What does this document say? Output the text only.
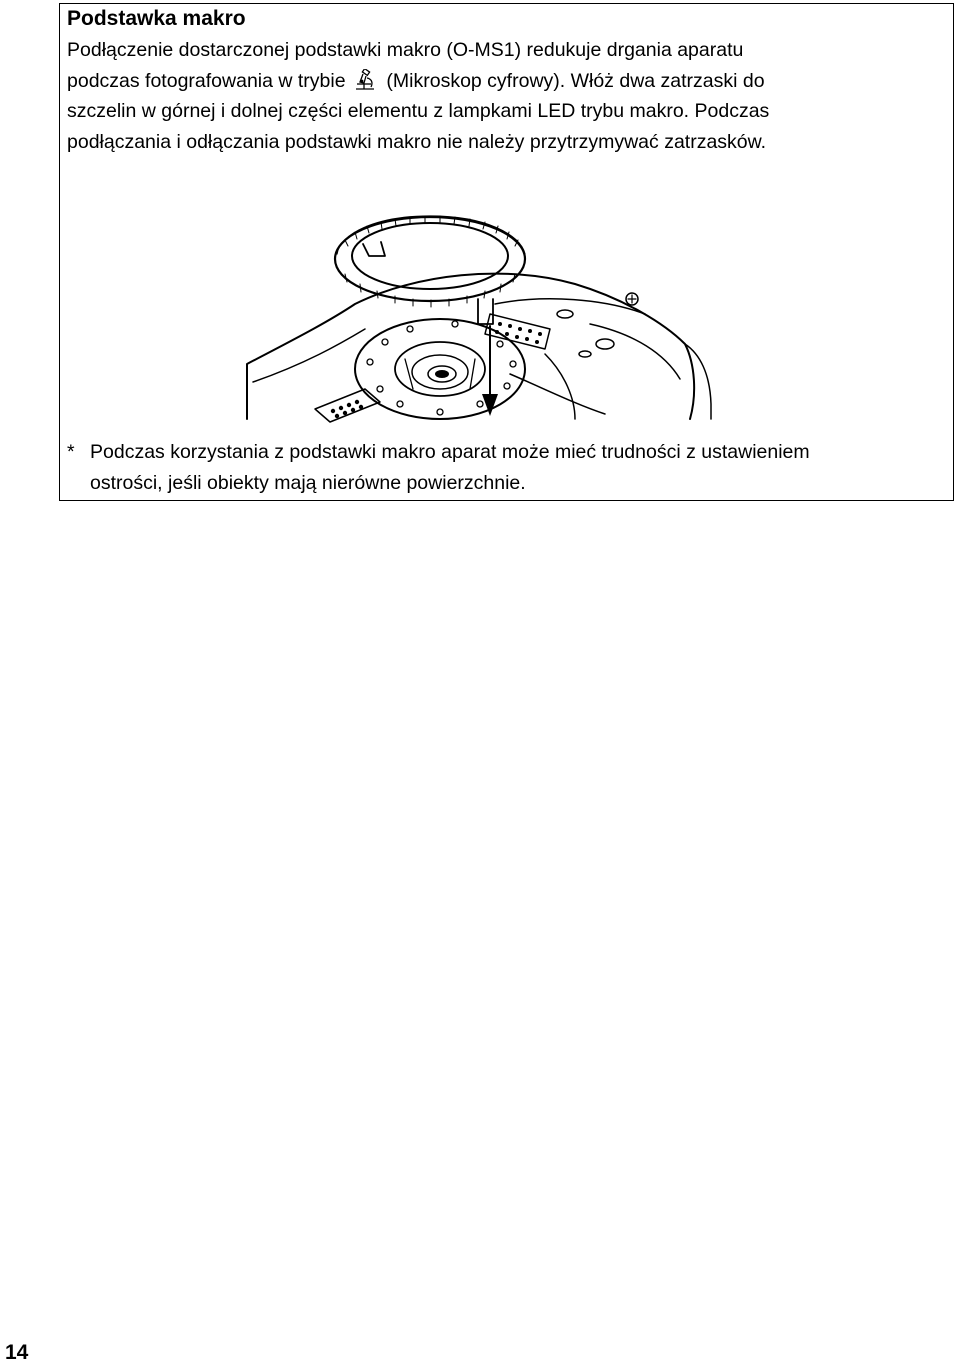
Podstawka makro
Podłączenie dostarczonej podstawki makro (O-MS1) redukuje drgania aparatu
podczas fotografowania w trybie  (Mikroskop cyfrowy). Włóż dwa zatrzaski do
szczelin w górnej i dolnej części elementu z lampkami LED trybu makro. Podczas
podłączania i odłączania podstawki makro nie należy przytrzymywać zatrzasków.
* Podczas korzystania z podstawki makro aparat może mieć trudności z ustawieniem
ostrości, jeśli obiekty mają nierówne powierzchnie.
14
